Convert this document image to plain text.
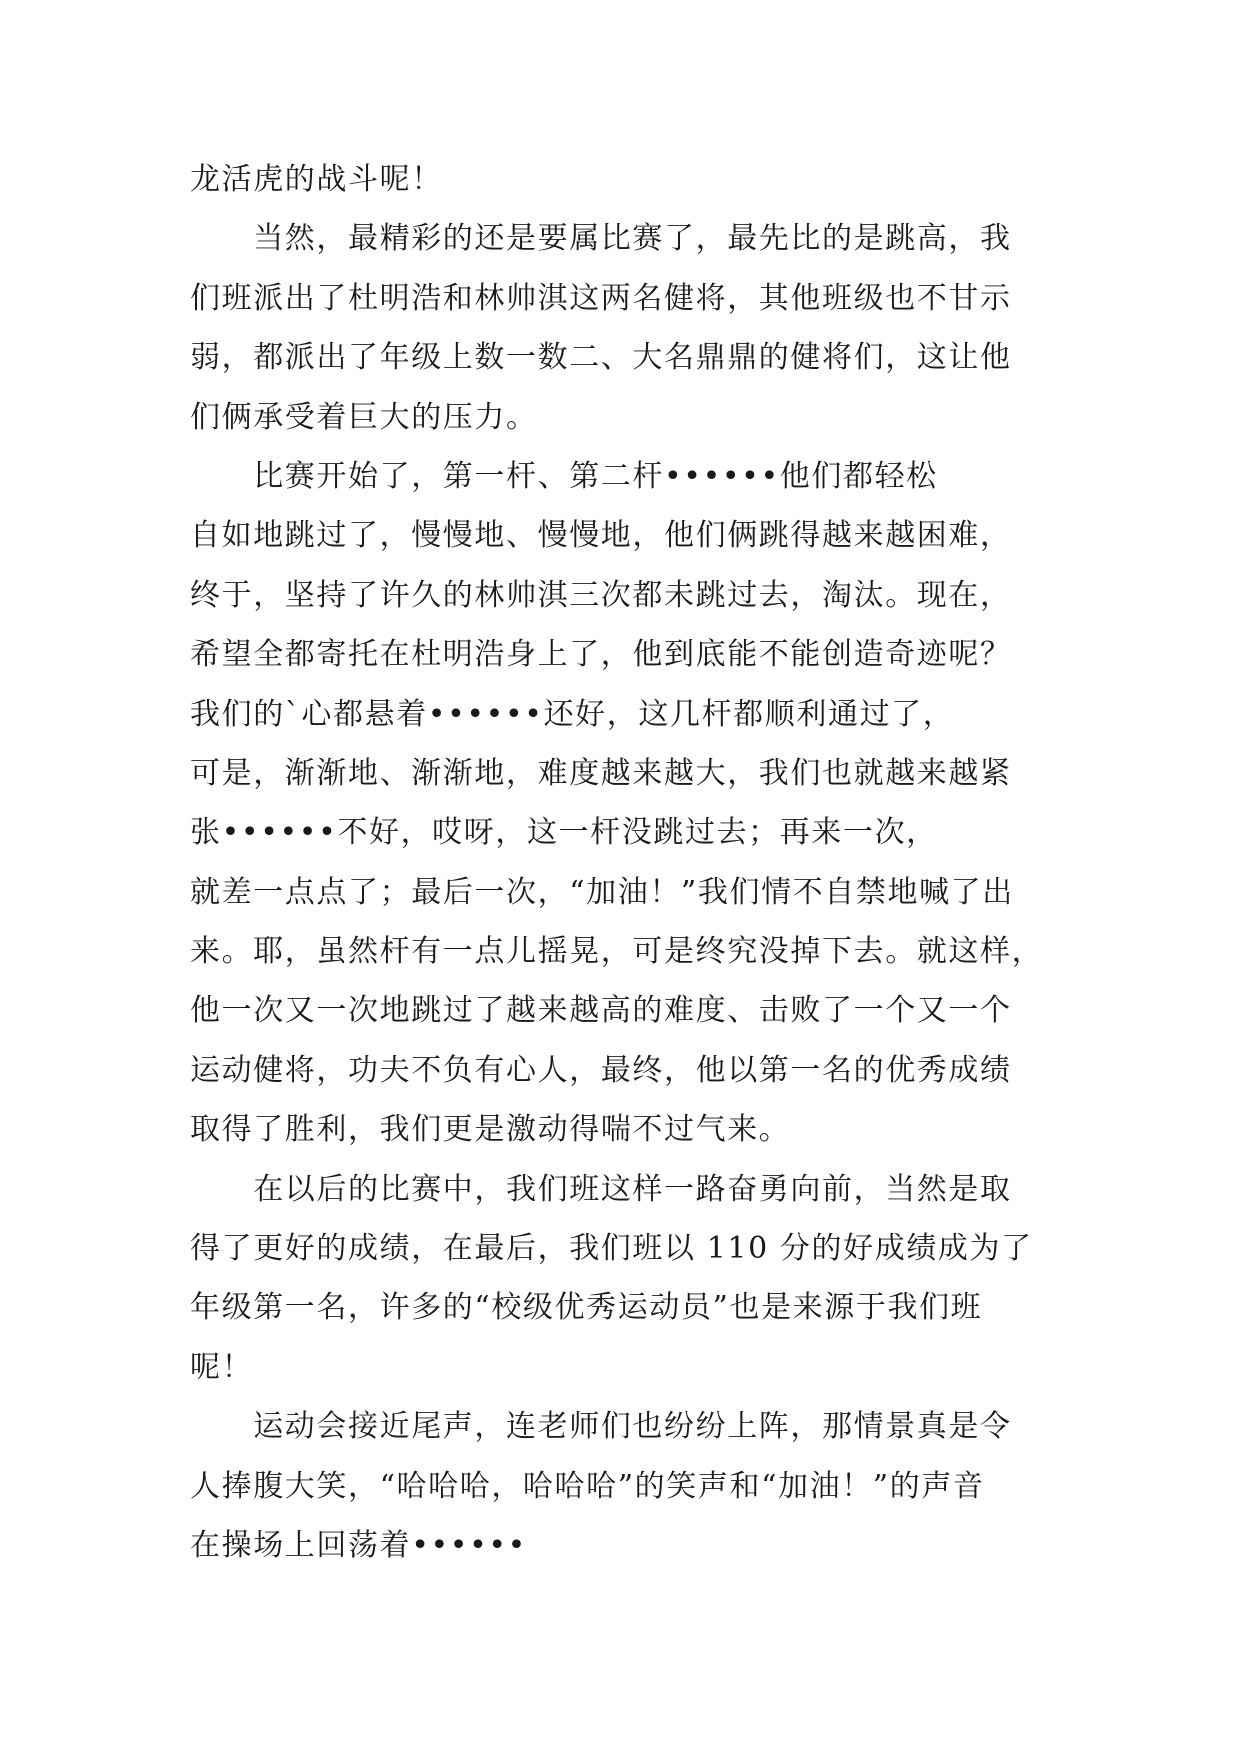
龙活虎的战斗呢！
　　当然，最精彩的还是要属比赛了，最先比的是跳高，我
们班派出了杜明浩和林帅淇这两名健将，其他班级也不甘示
弱，都派出了年级上数一数二、大名鼎鼎的健将们，这让他
们俩承受着巨大的压力。
　　比赛开始了，第一杆、第二杆••••••他们都轻松
自如地跳过了，慢慢地、慢慢地，他们俩跳得越来越困难，
终于，坚持了许久的林帅淇三次都未跳过去，淘汰。现在，
希望全都寄托在杜明浩身上了，他到底能不能创造奇迹呢？
我们的`心都悬着••••••还好，这几杆都顺利通过了，
可是，渐渐地、渐渐地，难度越来越大，我们也就越来越紧
张••••••不好，哎呀，这一杆没跳过去；再来一次，
就差一点点了；最后一次，“加油！”我们情不自禁地喊了出
来。耶，虽然杆有一点儿摇晃，可是终究没掉下去。就这样，
他一次又一次地跳过了越来越高的难度、击败了一个又一个
运动健将，功夫不负有心人，最终，他以第一名的优秀成绩
取得了胜利，我们更是激动得喘不过气来。
　　在以后的比赛中，我们班这样一路奋勇向前，当然是取
得了更好的成绩，在最后，我们班以 110 分的好成绩成为了
年级第一名，许多的“校级优秀运动员”也是来源于我们班
呢！
　　运动会接近尾声，连老师们也纷纷上阵，那情景真是令
人捧腹大笑，“哈哈哈，哈哈哈”的笑声和“加油！”的声音
在操场上回荡着••••••
